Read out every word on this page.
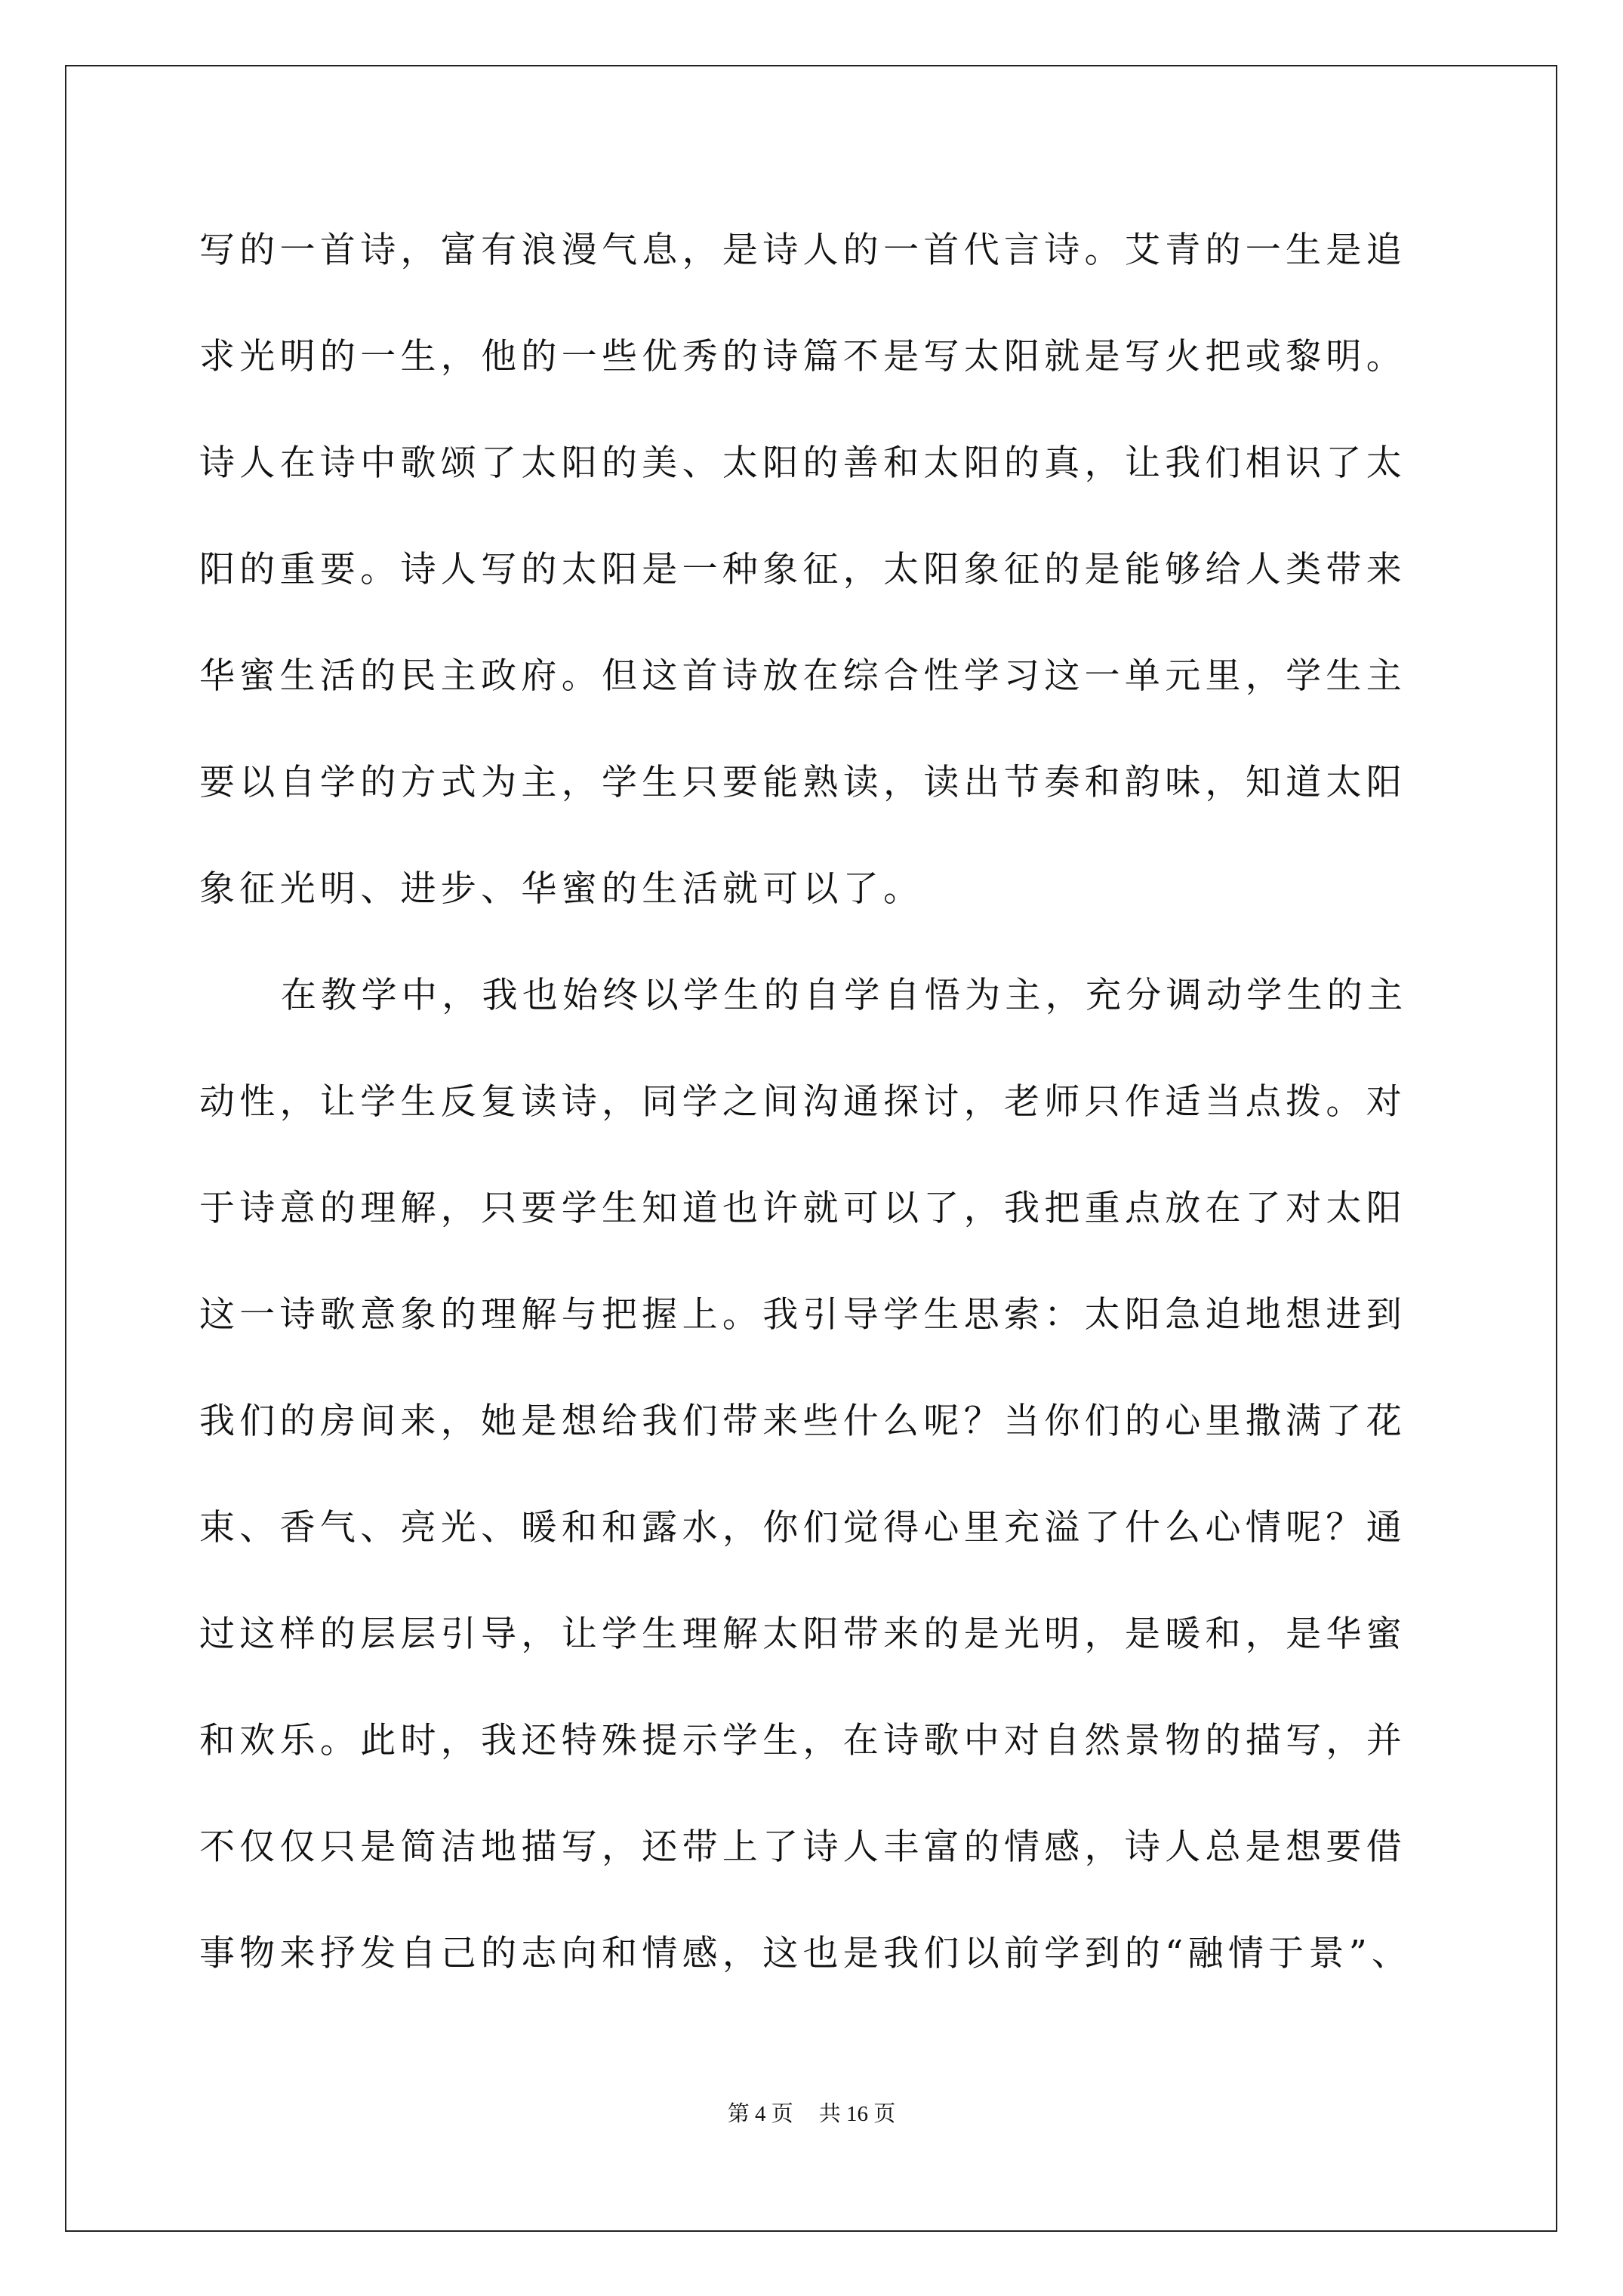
写的一首诗，富有浪漫气息，是诗人的一首代言诗。艾青的一生是追
求光明的一生，他的一些优秀的诗篇不是写太阳就是写火把或黎明。
诗人在诗中歌颂了太阳的美、太阳的善和太阳的真，让我们相识了太
阳的重要。诗人写的太阳是一种象征，太阳象征的是能够给人类带来
华蜜生活的民主政府。但这首诗放在综合性学习这一单元里，学生主
要以自学的方式为主，学生只要能熟读，读出节奏和韵味，知道太阳
象征光明、进步、华蜜的生活就可以了。
在教学中，我也始终以学生的自学自悟为主，充分调动学生的主
动性，让学生反复读诗，同学之间沟通探讨，老师只作适当点拨。对
于诗意的理解，只要学生知道也许就可以了，我把重点放在了对太阳
这一诗歌意象的理解与把握上。我引导学生思索：太阳急迫地想进到
我们的房间来，她是想给我们带来些什么呢？当你们的心里撒满了花
束、香气、亮光、暖和和露水，你们觉得心里充溢了什么心情呢？通
过这样的层层引导，让学生理解太阳带来的是光明，是暖和，是华蜜
和欢乐。此时，我还特殊提示学生，在诗歌中对自然景物的描写，并
不仅仅只是简洁地描写，还带上了诗人丰富的情感，诗人总是想要借
事物来抒发自己的志向和情感，这也是我们以前学到的“融情于景”、
第 4 页 共 16 页
